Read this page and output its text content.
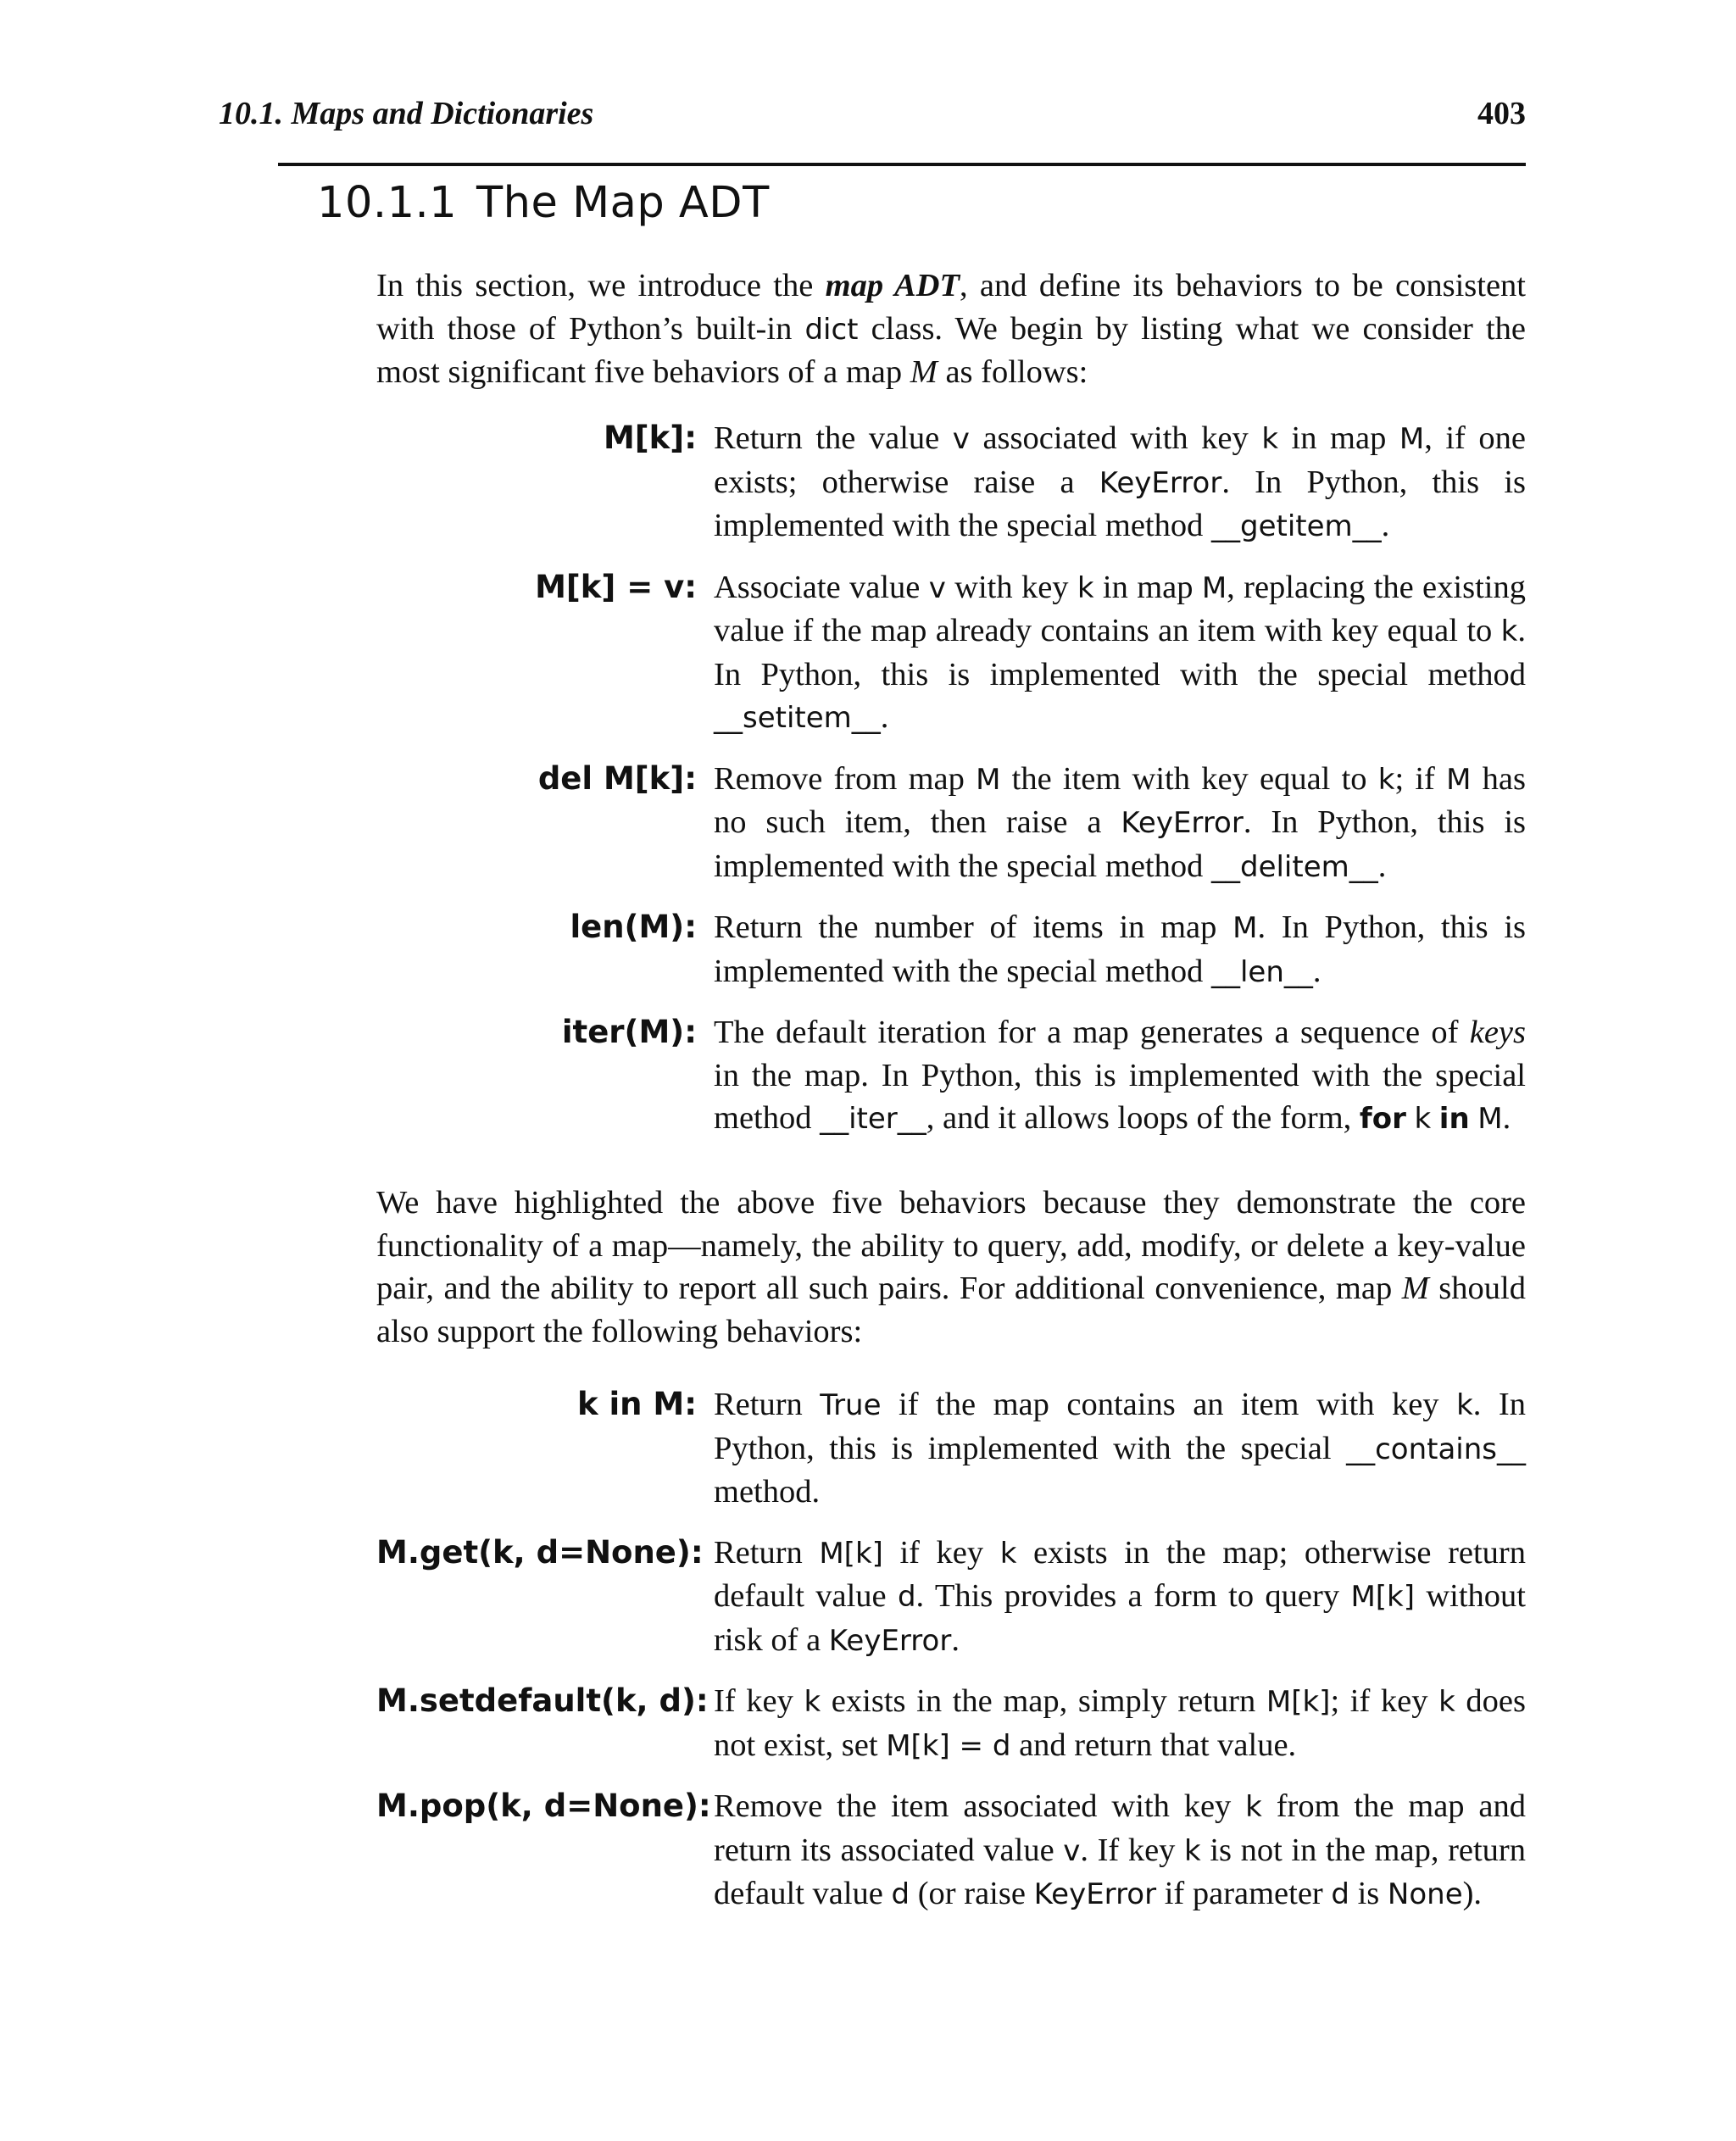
10.1. Maps and Dictionaries	403
10.1.1 The Map ADT
In this section, we introduce the map ADT, and define its behaviors to be consistent with those of Python’s built-in dict class. We begin by listing what we consider the most significant five behaviors of a map M as follows:
M[k]: Return the value v associated with key k in map M, if one exists; otherwise raise a KeyError. In Python, this is implemented with the special method __getitem__.
M[k] = v: Associate value v with key k in map M, replacing the existing value if the map already contains an item with key equal to k. In Python, this is implemented with the special method __setitem__.
del M[k]: Remove from map M the item with key equal to k; if M has no such item, then raise a KeyError. In Python, this is implemented with the special method __delitem__.
len(M): Return the number of items in map M. In Python, this is implemented with the special method __len__.
iter(M): The default iteration for a map generates a sequence of keys in the map. In Python, this is implemented with the special method __iter__, and it allows loops of the form, for k in M.
We have highlighted the above five behaviors because they demonstrate the core functionality of a map—namely, the ability to query, add, modify, or delete a key-value pair, and the ability to report all such pairs. For additional convenience, map M should also support the following behaviors:
k in M: Return True if the map contains an item with key k. In Python, this is implemented with the special __contains__ method.
M.get(k, d=None): Return M[k] if key k exists in the map; otherwise return default value d. This provides a form to query M[k] without risk of a KeyError.
M.setdefault(k, d): If key k exists in the map, simply return M[k]; if key k does not exist, set M[k] = d and return that value.
M.pop(k, d=None): Remove the item associated with key k from the map and return its associated value v. If key k is not in the map, return default value d (or raise KeyError if parameter d is None).
